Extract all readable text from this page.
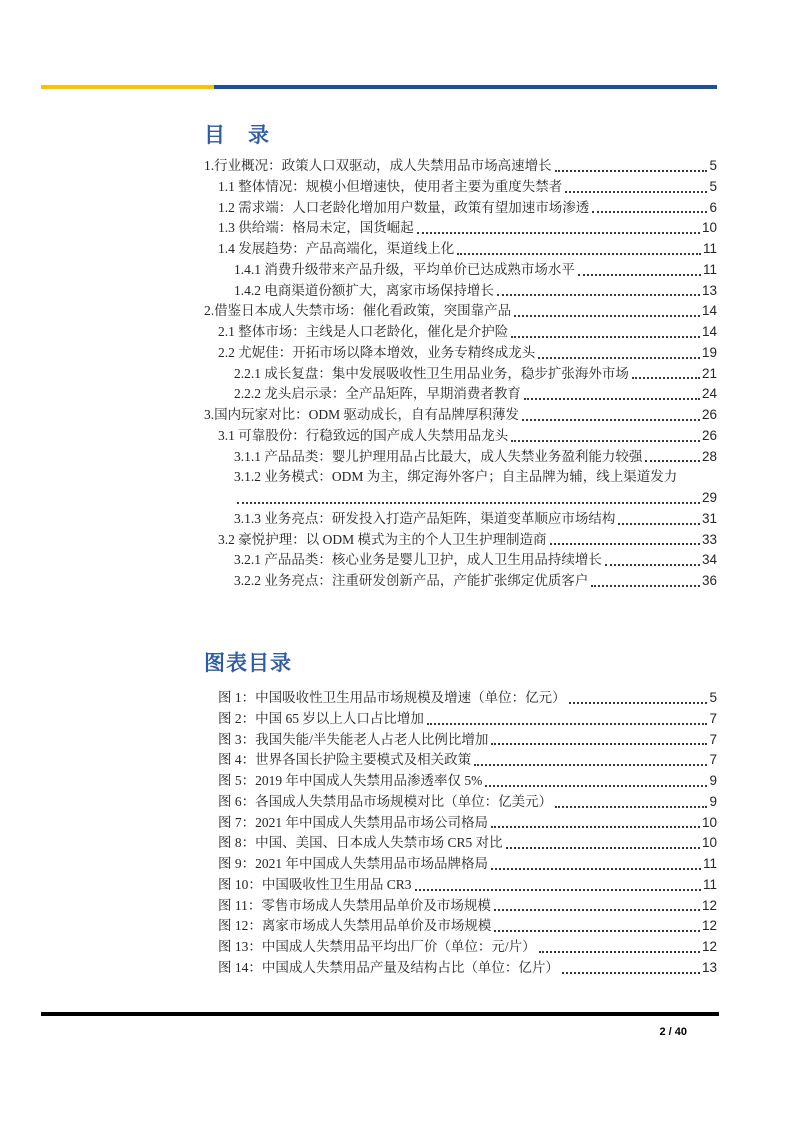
目　录
1.行业概况：政策人口双驱动，成人失禁用品市场高速增长	5
1.1 整体情况：规模小但增速快，使用者主要为重度失禁者	5
1.2 需求端：人口老龄化增加用户数量，政策有望加速市场渗透	6
1.3 供给端：格局未定，国货崛起	10
1.4 发展趋势：产品高端化，渠道线上化	11
1.4.1 消费升级带来产品升级，平均单价已达成熟市场水平	11
1.4.2 电商渠道份额扩大，离家市场保持增长	13
2.借鉴日本成人失禁市场：催化看政策，突围靠产品	14
2.1 整体市场：主线是人口老龄化，催化是介护险	14
2.2 尤妮佳：开拓市场以降本增效，业务专精终成龙头	19
2.2.1 成长复盘：集中发展吸收性卫生用品业务，稳步扩张海外市场	21
2.2.2 龙头启示录：全产品矩阵，早期消费者教育	24
3.国内玩家对比：ODM 驱动成长，自有品牌厚积薄发	26
3.1 可靠股份：行稳致远的国产成人失禁用品龙头	26
3.1.1 产品品类：婴儿护理用品占比最大，成人失禁业务盈利能力较强	28
3.1.2 业务模式：ODM 为主，绑定海外客户；自主品牌为辅，线上渠道发力
29
3.1.3 业务亮点：研发投入打造产品矩阵，渠道变革顺应市场结构	31
3.2 豪悦护理：以 ODM 模式为主的个人卫生护理制造商	33
3.2.1 产品品类：核心业务是婴儿卫护，成人卫生用品持续增长	34
3.2.2 业务亮点：注重研发创新产品，产能扩张绑定优质客户	36
图表目录
图 1：中国吸收性卫生用品市场规模及增速（单位：亿元）	5
图 2：中国 65 岁以上人口占比增加	7
图 3：我国失能/半失能老人占老人比例比增加	7
图 4：世界各国长护险主要模式及相关政策	7
图 5：2019 年中国成人失禁用品渗透率仅 5%	9
图 6：各国成人失禁用品市场规模对比（单位：亿美元）	9
图 7：2021 年中国成人失禁用品市场公司格局	10
图 8：中国、美国、日本成人失禁市场 CR5 对比	10
图 9：2021 年中国成人失禁用品市场品牌格局	11
图 10：中国吸收性卫生用品 CR3	11
图 11：零售市场成人失禁用品单价及市场规模	12
图 12：离家市场成人失禁用品单价及市场规模	12
图 13：中国成人失禁用品平均出厂价（单位：元/片）	12
图 14：中国成人失禁用品产量及结构占比（单位：亿片）	13
2 / 40
